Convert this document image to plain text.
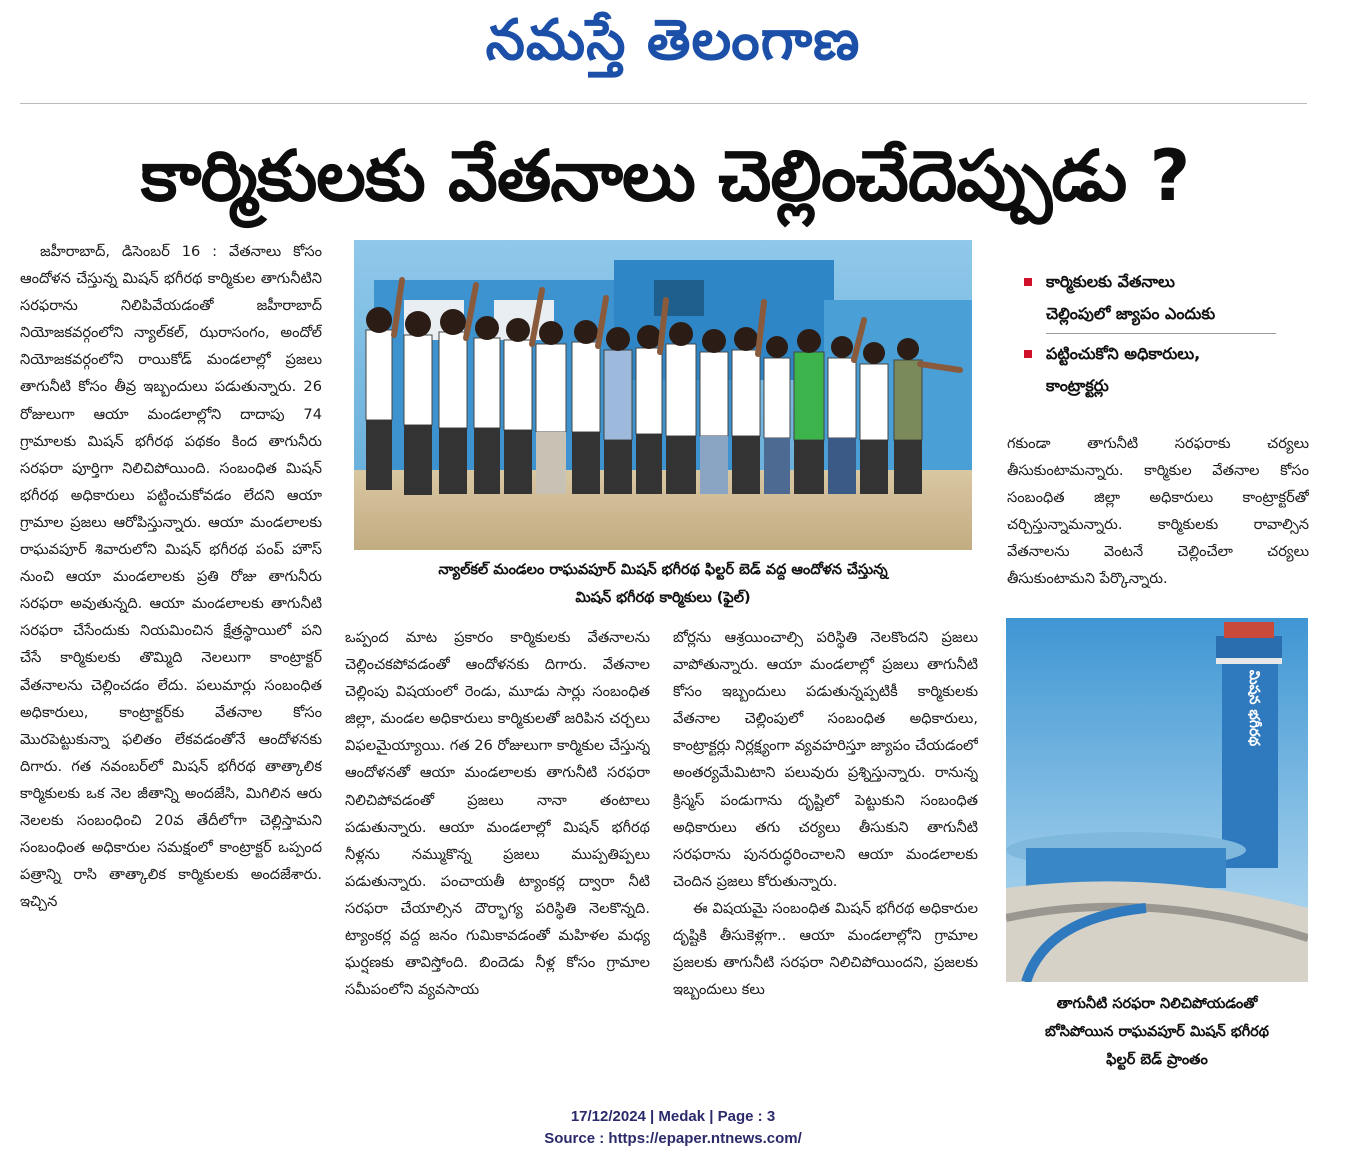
నమస్తే తెలంగాణ
కార్మికులకు వేతనాలు చెల్లించేదెప్పుడు ?
జహీరాబాద్, డిసెంబర్ 16 : వేతనాలు కోసం ఆందోళన చేస్తున్న మిషన్ భగీరథ కార్మికుల తాగునీటిని సరఫరాను నిలిపివేయడంతో జహీరాబాద్ నియోజకవర్గంలోని న్యాల్‌కల్, ఝరాసంగం, అందోల్ నియోజకవర్గంలోని రాయికోడ్ మండలాల్లో ప్రజలు తాగునీటి కోసం తీవ్ర ఇబ్బందులు పడుతున్నారు. 26 రోజులుగా ఆయా మండలాల్లోని దాదాపు 74 గ్రామాలకు మిషన్ భగీరథ పథకం కింద తాగునీరు సరఫరా పూర్తిగా నిలిచిపోయింది. సంబంధిత మిషన్ భగీరథ అధికారులు పట్టించుకోవడం లేదని ఆయా గ్రామాల ప్రజలు ఆరోపిస్తున్నారు. ఆయా మండలాలకు రాఘవపూర్ శివారులోని మిషన్ భగీరథ పంప్ హౌస్ నుంచి ఆయా మండలాలకు ప్రతి రోజు తాగునీరు సరఫరా అవుతున్నది. ఆయా మండలాలకు తాగునీటి సరఫరా చేసేందుకు నియమించిన క్షేత్రస్థాయిలో పని చేసే కార్మికులకు తొమ్మిది నెలలుగా కాంట్రాక్టర్ వేతనాలను చెల్లించడం లేదు. పలుమార్లు సంబంధిత అధికారులు, కాంట్రాక్టర్‌కు వేతనాల కోసం మొరపెట్టుకున్నా ఫలితం లేకవడంతోనే ఆందోళనకు దిగారు. గత నవంబర్‌లో మిషన్ భగీరథ తాత్కాలిక కార్మికులకు ఒక నెల జీతాన్ని అందజేసి, మిగిలిన ఆరు నెలలకు సంబంధించి 20వ తేదీలోగా చెల్లిస్తామని సంబంధింత అధికారుల సమక్షంలో కాంట్రాక్టర్ ఒప్పంద పత్రాన్ని రాసి తాత్కాలిక కార్మికులకు అందజేశారు. ఇచ్చిన
న్యాల్‌కల్ మండలం రాఘవపూర్ మిషన్ భగీరథ ఫిల్టర్ బెడ్ వద్ద ఆందోళన చేస్తున్న
మిషన్ భగీరథ కార్మికులు (ఫైల్)
ఒప్పంద మాట ప్రకారం కార్మికులకు వేతనాలను చెల్లించకపోవడంతో ఆందోళనకు దిగారు. వేతనాల చెల్లింపు విషయంలో రెండు, మూడు సార్లు సంబంధిత జిల్లా, మండల అధికారులు కార్మికులతో జరిపిన చర్చలు విఫలమైయ్యాయి. గత 26 రోజులుగా కార్మికుల చేస్తున్న ఆందోళనతో ఆయా మండలాలకు తాగునీటి సరఫరా నిలిచిపోవడంతో ప్రజలు నానా తంటాలు పడుతున్నారు. ఆయా మండలాల్లో మిషన్ భగీరథ నీళ్లను నమ్ముకొన్న ప్రజలు ముప్పతిప్పలు పడుతున్నారు. పంచాయతీ ట్యాంకర్ల ద్వారా నీటి సరఫరా చేయాల్సిన దౌర్భాగ్య పరిస్థితి నెలకొన్నది. ట్యాంకర్ల వద్ద జనం గుమికావడంతో మహిళల మధ్య ఘర్షణకు తావిస్తోంది. బిందెడు నీళ్ల కోసం గ్రామాల సమీపంలోని వ్యవసాయ
బోర్లను ఆశ్రయించాల్సి పరిస్థితి నెలకొందని ప్రజలు వాపోతున్నారు. ఆయా మండలాల్లో ప్రజలు తాగునీటి కోసం ఇబ్బందులు పడుతున్నప్పటికీ కార్మికులకు వేతనాల చెల్లింపులో సంబంధిత అధికారులు, కాంట్రాక్టర్లు నిర్లక్ష్యంగా వ్యవహరిస్తూ జ్యాపం చేయడంలో అంతర్యమేమిటాని పలువురు ప్రశ్నిస్తున్నారు. రానున్న క్రిస్మస్ పండుగాను దృష్టిలో పెట్టుకుని సంబంధిత అధికారులు తగు చర్యలు తీసుకుని తాగునీటి సరఫరాను పునరుద్ధరించాలని ఆయా మండలాలకు చెందిన ప్రజలు కోరుతున్నారు.
ఈ విషయమై సంబంధిత మిషన్ భగీరథ అధికారుల దృష్టికి తీసుకెళ్లగా.. ఆయా మండలాల్లోని గ్రామాల ప్రజలకు తాగునీటి సరఫరా నిలిచిపోయిందని, ప్రజలకు ఇబ్బందులు కలు
కార్మికులకు వేతనాలు
చెల్లింపులో జ్యాపం ఎందుకు
పట్టించుకోని అధికారులు,
కాంట్రాక్టర్లు
గకుండా తాగునీటి సరఫరాకు చర్యలు తీసుకుంటామన్నారు. కార్మికుల వేతనాల కోసం సంబంధిత జిల్లా అధికారులు కాంట్రాక్టర్‌తో చర్చిస్తున్నామన్నారు. కార్మికులకు రావాల్సిన వేతనాలను వెంటనే చెల్లించేలా చర్యలు తీసుకుంటామని పేర్కొన్నారు.
మిషన భగీరథ
తాగునీటి సరఫరా నిలిచిపోయడంతో
బోసిపోయిన రాఘవపూర్ మిషన్ భగీరథ
ఫిల్టర్ బెడ్ ప్రాంతం
17/12/2024 | Medak | Page : 3
Source : https://epaper.ntnews.com/
